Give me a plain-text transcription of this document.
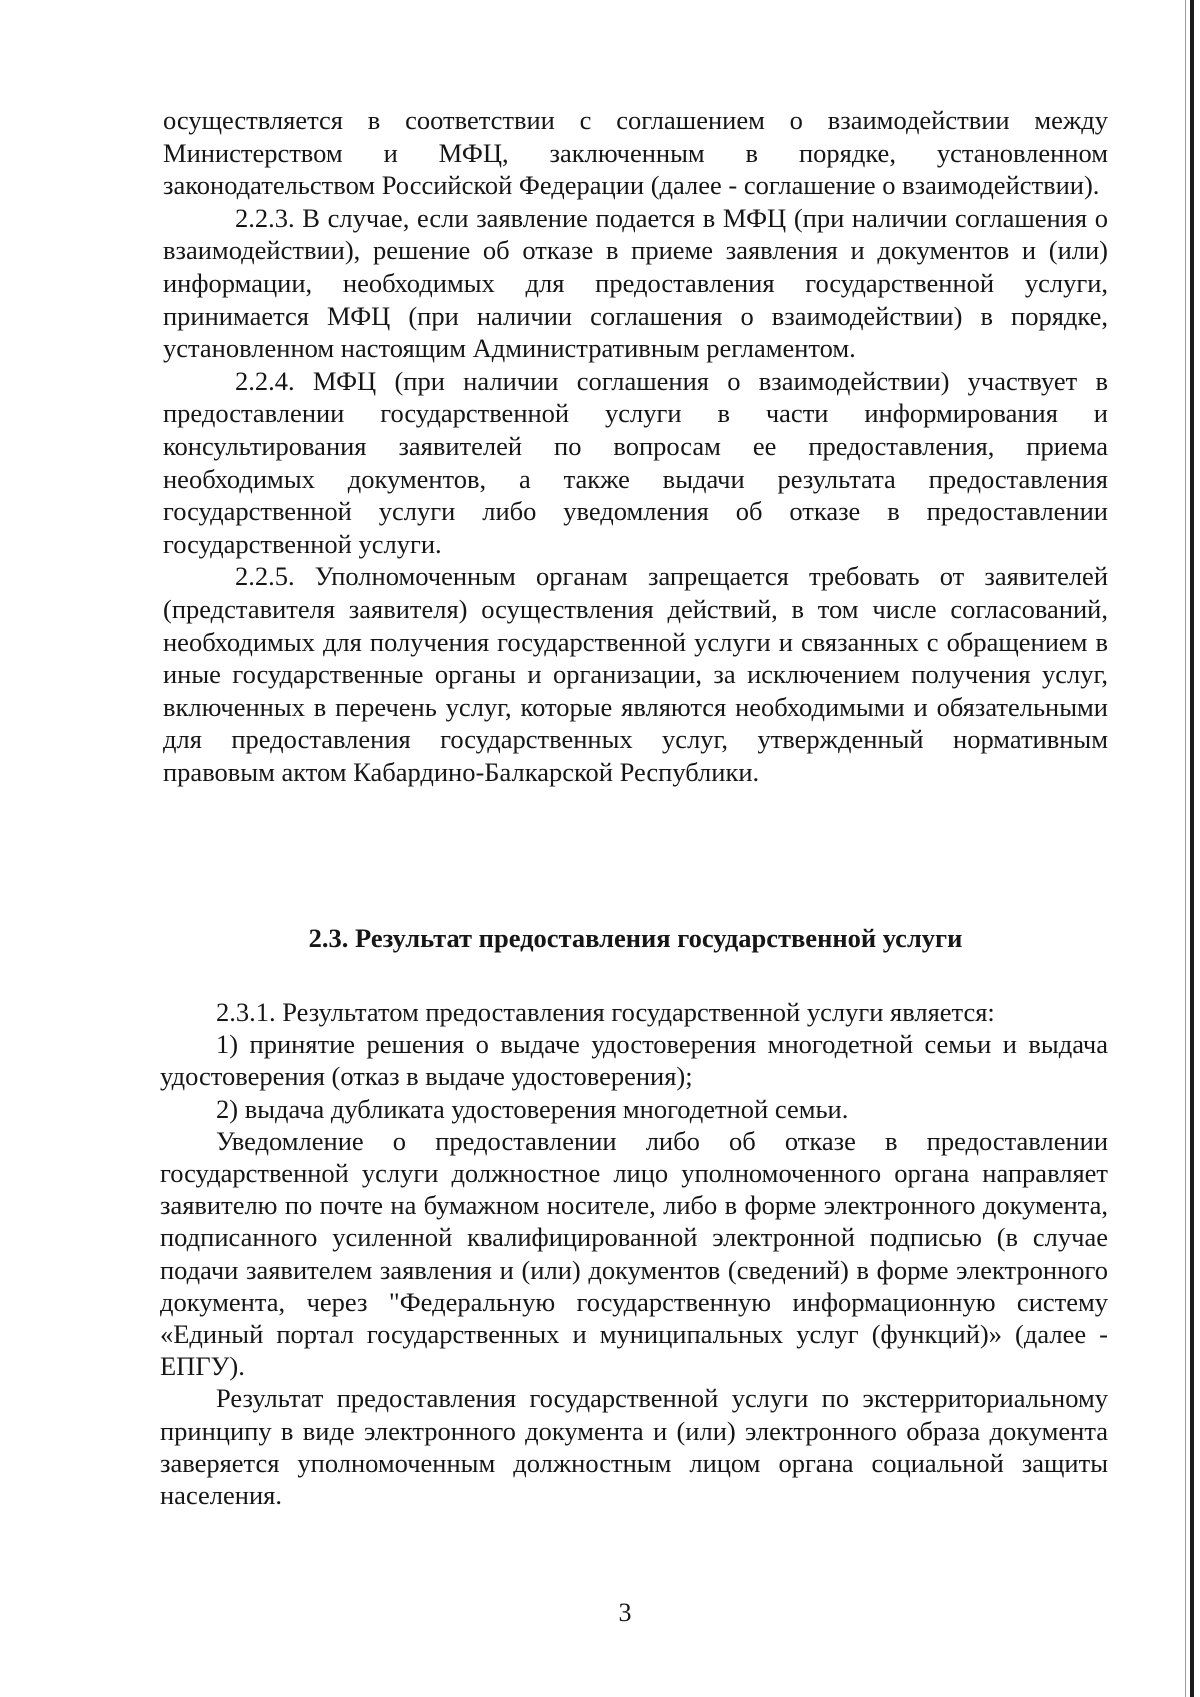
осуществляется в соответствии с соглашением о взаимодействии между Министерством и МФЦ, заключенным в порядке, установленном законодательством Российской Федерации (далее - соглашение о взаимодействии).

2.2.3. В случае, если заявление подается в МФЦ (при наличии соглашения о взаимодействии), решение об отказе в приеме заявления и документов и (или) информации, необходимых для предоставления государственной услуги, принимается МФЦ (при наличии соглашения о взаимодействии) в порядке, установленном настоящим Административным регламентом.

2.2.4. МФЦ (при наличии соглашения о взаимодействии) участвует в предоставлении государственной услуги в части информирования и консультирования заявителей по вопросам ее предоставления, приема необходимых документов, а также выдачи результата предоставления государственной услуги либо уведомления об отказе в предоставлении государственной услуги.

2.2.5. Уполномоченным органам запрещается требовать от заявителей (представителя заявителя) осуществления действий, в том числе согласований, необходимых для получения государственной услуги и связанных с обращением в иные государственные органы и организации, за исключением получения услуг, включенных в перечень услуг, которые являются необходимыми и обязательными для предоставления государственных услуг, утвержденный нормативным правовым актом Кабардино-Балкарской Республики.

2.3. Результат предоставления государственной услуги

2.3.1. Результатом предоставления государственной услуги является:

1) принятие решения о выдаче удостоверения многодетной семьи и выдача удостоверения (отказ в выдаче удостоверения);

2) выдача дубликата удостоверения многодетной семьи.

Уведомление о предоставлении либо об отказе в предоставлении государственной услуги должностное лицо уполномоченного органа направляет заявителю по почте на бумажном носителе, либо в форме электронного документа, подписанного усиленной квалифицированной электронной подписью (в случае подачи заявителем заявления и (или) документов (сведений) в форме электронного документа, через "Федеральную государственную информационную систему «Единый портал государственных и муниципальных услуг (функций)» (далее - ЕПГУ).

Результат предоставления государственной услуги по экстерриториальному принципу в виде электронного документа и (или) электронного образа документа заверяется уполномоченным должностным лицом органа социальной защиты населения.

3
